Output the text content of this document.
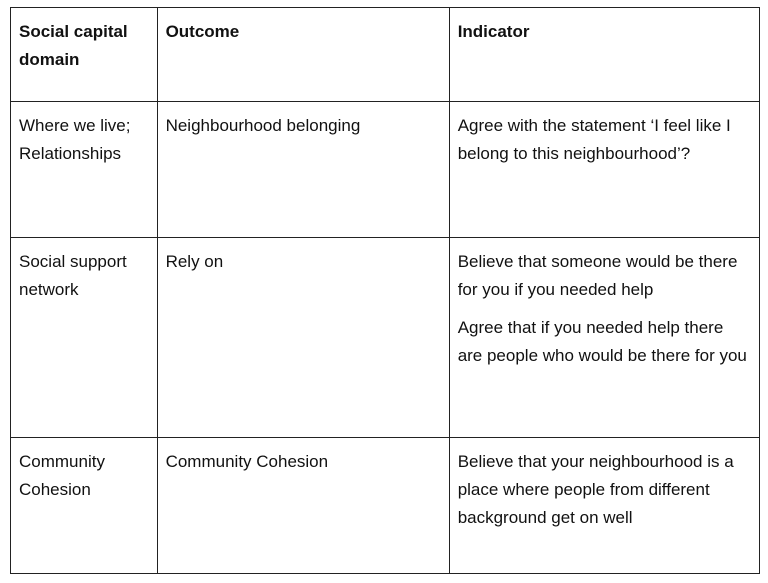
Social capital domain	Outcome	Indicator
Where we live; Relationships	Neighbourhood belonging	Agree with the statement ‘I feel like I belong to this neighbourhood’?

Social support network	Rely on	Believe that someone would be there for you if you needed help
Agree that if you needed help there are people who would be there for you

Community Cohesion	Community Cohesion	Believe that your neighbourhood is a place where people from different background get on well
